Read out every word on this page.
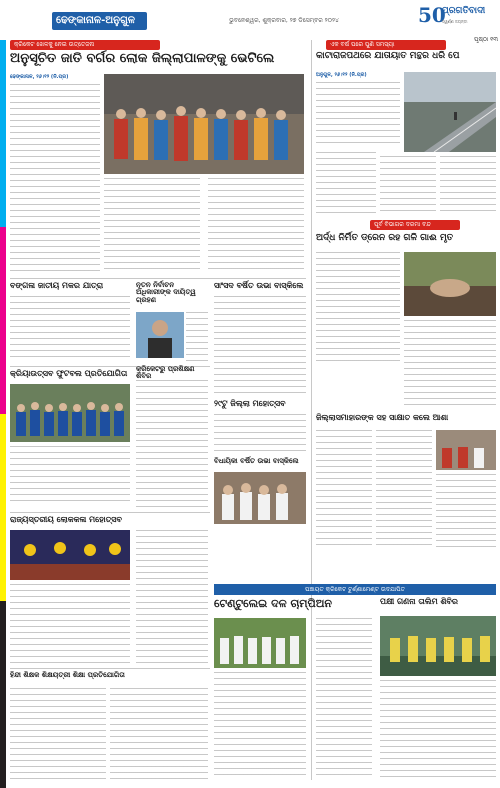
ଢେଙ୍କାନାଳ-ଅନୁଗୁଳ	ଭୁବନେଶ୍ୱର, ଶୁକ୍ରବାର, ୨୭ ଡିସେମ୍ବର ୨୦୨୪	50
ପ୍ରଗତିବାଦୀ
ସ୍ୱର୍ଣ୍ଣ ଜୟନ୍ତୀ
ପୃଷ୍ଠା ୧୩
କ୍ରିକେଟ ଖେଳକୁ ନେଇ ଉତ୍ତେଜନା
ଅନୁସୂଚିତ ଜାତି ବର୍ଗର ଲୋକ ଜିଲ୍ଲାପାଳଙ୍କୁ ଭେଟିଲେ
ଢେଙ୍କାନାଳ, ୨୬।୧୨ (ନି.ପ୍ର)
ଏକ ବର୍ଷ ପରେ ପୁଣି ସମସ୍ୟା
କାଟାରାଜପଥରେ ଯାତାୟାତ ମନ୍ଥର ଧରି ପେ
ଅନୁଗୁଳ, ୨୬।୧୨ (ନି.ପ୍ର)
ବଙ୍ଗଳା ଜାତୀୟ ମକର ଯାତ୍ରା	ନୂତନ ନିର୍ବାଚନ ଅଧିକାରୀଙ୍କ ଦାୟିତ୍ୱ ଗ୍ରହଣ
ସାଂସଦ ବର୍ଷିତ ଉଭା ବାସ୍କିଲେ
କ୍ରିୟାଉତ୍ସବ ଫୁଟବଲ ପ୍ରତିଯୋଗିତା	କ୍ରିକେଟରୁ ପ୍ରଶିକ୍ଷଣ ଶିବିର
୨୯ଟୁ ଜିଲ୍ଲା ମହୋତ୍ସବ
ବିଧାୟିକା ବର୍ଷିତ ଉଭା ବାସ୍କିଲେ
ରାଜ୍ୟସ୍ତରୀୟ ଲୋକକଳା ମହୋତ୍ସବ
ପୂର୍ବ ବିଭାଗର ଦରମା ବନ୍ଦ
ଅର୍ଦ୍ଧ ନିର୍ମିତ ଡ୍ରେନ ରହ ଗଳି ଗାଈ ମୃତ
ଜିଲ୍ଲାସମାହାରଙ୍କ ସହ ସାକ୍ଷାତ କଲେ ଆଶା
ପଞ୍ଚାୟତ କ୍ରିକେଟ ଟୁର୍ଣ୍ଣାମେଣ୍ଟ ଉଦଯାପିତ
ଟେଣ୍ଟୁଲେଇ ଦଳ ଚାମ୍ପିଅନ	ପକ୍ଷୀ ଗଣନା ତାଲିମ ଶିବିର
ହିନ୍ଦୀ ଶିକ୍ଷକ ଶିକ୍ଷୟତ୍ରୀ ଶିକ୍ଷା ପ୍ରତିଯୋଗିତା
